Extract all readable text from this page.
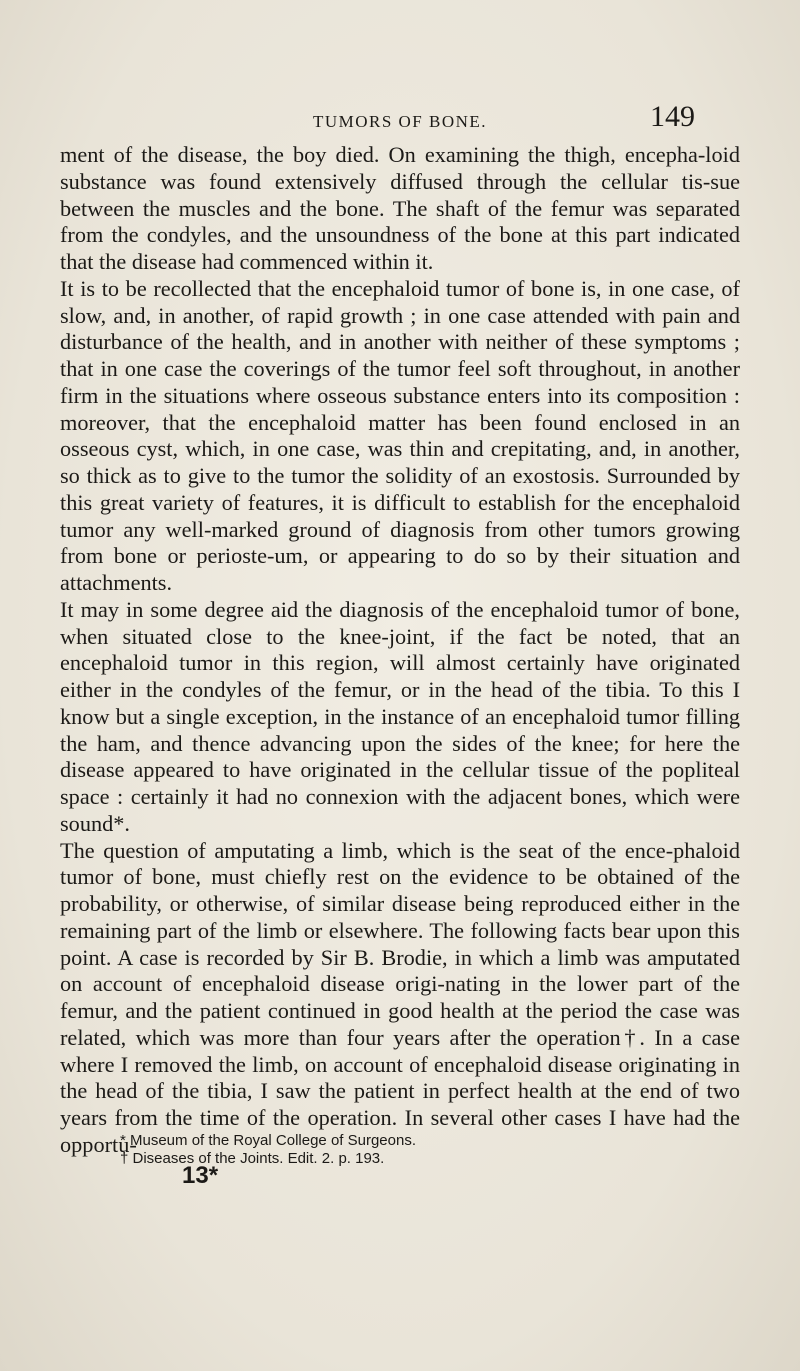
TUMORS OF BONE.	149

ment of the disease, the boy died. On examining the thigh, encepha-loid substance was found extensively diffused through the cellular tis-sue between the muscles and the bone. The shaft of the femur was separated from the condyles, and the unsoundness of the bone at this part indicated that the disease had commenced within it.

It is to be recollected that the encephaloid tumor of bone is, in one case, of slow, and, in another, of rapid growth ; in one case attended with pain and disturbance of the health, and in another with neither of these symptoms ; that in one case the coverings of the tumor feel soft throughout, in another firm in the situations where osseous substance enters into its composition : moreover, that the encephaloid matter has been found enclosed in an osseous cyst, which, in one case, was thin and crepitating, and, in another, so thick as to give to the tumor the solidity of an exostosis. Surrounded by this great variety of features, it is difficult to establish for the encephaloid tumor any well-marked ground of diagnosis from other tumors growing from bone or perioste-um, or appearing to do so by their situation and attachments.

It may in some degree aid the diagnosis of the encephaloid tumor of bone, when situated close to the knee-joint, if the fact be noted, that an encephaloid tumor in this region, will almost certainly have originated either in the condyles of the femur, or in the head of the tibia. To this I know but a single exception, in the instance of an encephaloid tumor filling the ham, and thence advancing upon the sides of the knee; for here the disease appeared to have originated in the cellular tissue of the popliteal space : certainly it had no connexion with the adjacent bones, which were sound*.

The question of amputating a limb, which is the seat of the ence-phaloid tumor of bone, must chiefly rest on the evidence to be obtained of the probability, or otherwise, of similar disease being reproduced either in the remaining part of the limb or elsewhere. The following facts bear upon this point. A case is recorded by Sir B. Brodie, in which a limb was amputated on account of encephaloid disease origi-nating in the lower part of the femur, and the patient continued in good health at the period the case was related, which was more than four years after the operation†. In a case where I removed the limb, on account of encephaloid disease originating in the head of the tibia, I saw the patient in perfect health at the end of two years from the time of the operation. In several other cases I have had the opportu-

* Museum of the Royal College of Surgeons.
† Diseases of the Joints. Edit. 2. p. 193.
13*
